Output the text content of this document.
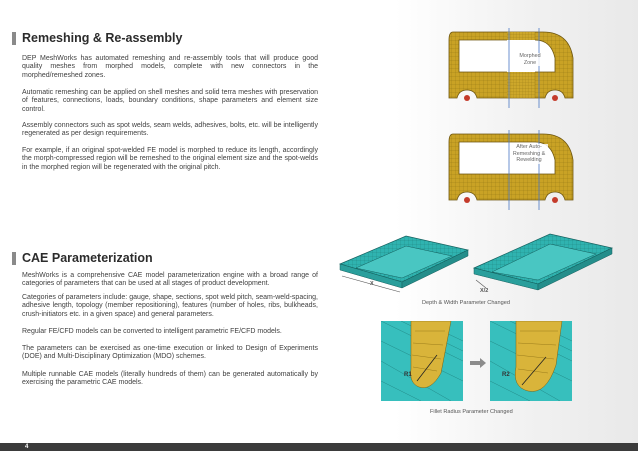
Remeshing & Re-assembly

DEP MeshWorks has automated remeshing and re-assembly tools that will produce good quality meshes from morphed models, complete with new connectors in the morphed/remeshed zones.

Automatic remeshing can be applied on shell meshes and solid terra meshes with preservation of features, connections, loads, boundary conditions, shape parameters and element size control.

Assembly connectors such as spot welds, seam welds, adhesives, bolts, etc. will be intelligently regenerated as per design requirements.

For example, if an original spot-welded FE model is morphed to reduce its length, accordingly the morph-compressed region will be remeshed to the original element size and the spot-welds in the morphed region will be regenerated with the original pitch.

Morphed Zone
After Auto-Remeshing & Rewelding
CAE Parameterization

MeshWorks is a comprehensive CAE model parameterization engine with a broad range of categories of parameters that can be used at all stages of product development.

Categories of parameters include: gauge, shape, sections, spot weld pitch, seam-weld-spacing, adhesive length, topology (member repositioning), features (number of holes, ribs, bulkheads, crush-initiators etc. in a given space) and general parameters.

Regular FE/CFD models can be converted to intelligent parametric FE/CFD models.

The parameters can be exercised as one-time execution or linked to Design of Experiments (DOE) and Multi-Disciplinary Optimization (MDO) schemes.

Multiple runnable CAE models (literally hundreds of them) can be generated automatically by exercising the parametric CAE models.

X
X/2
Depth & Width Parameter Changed
R1	R2
Fillet Radius Parameter Changed
4
